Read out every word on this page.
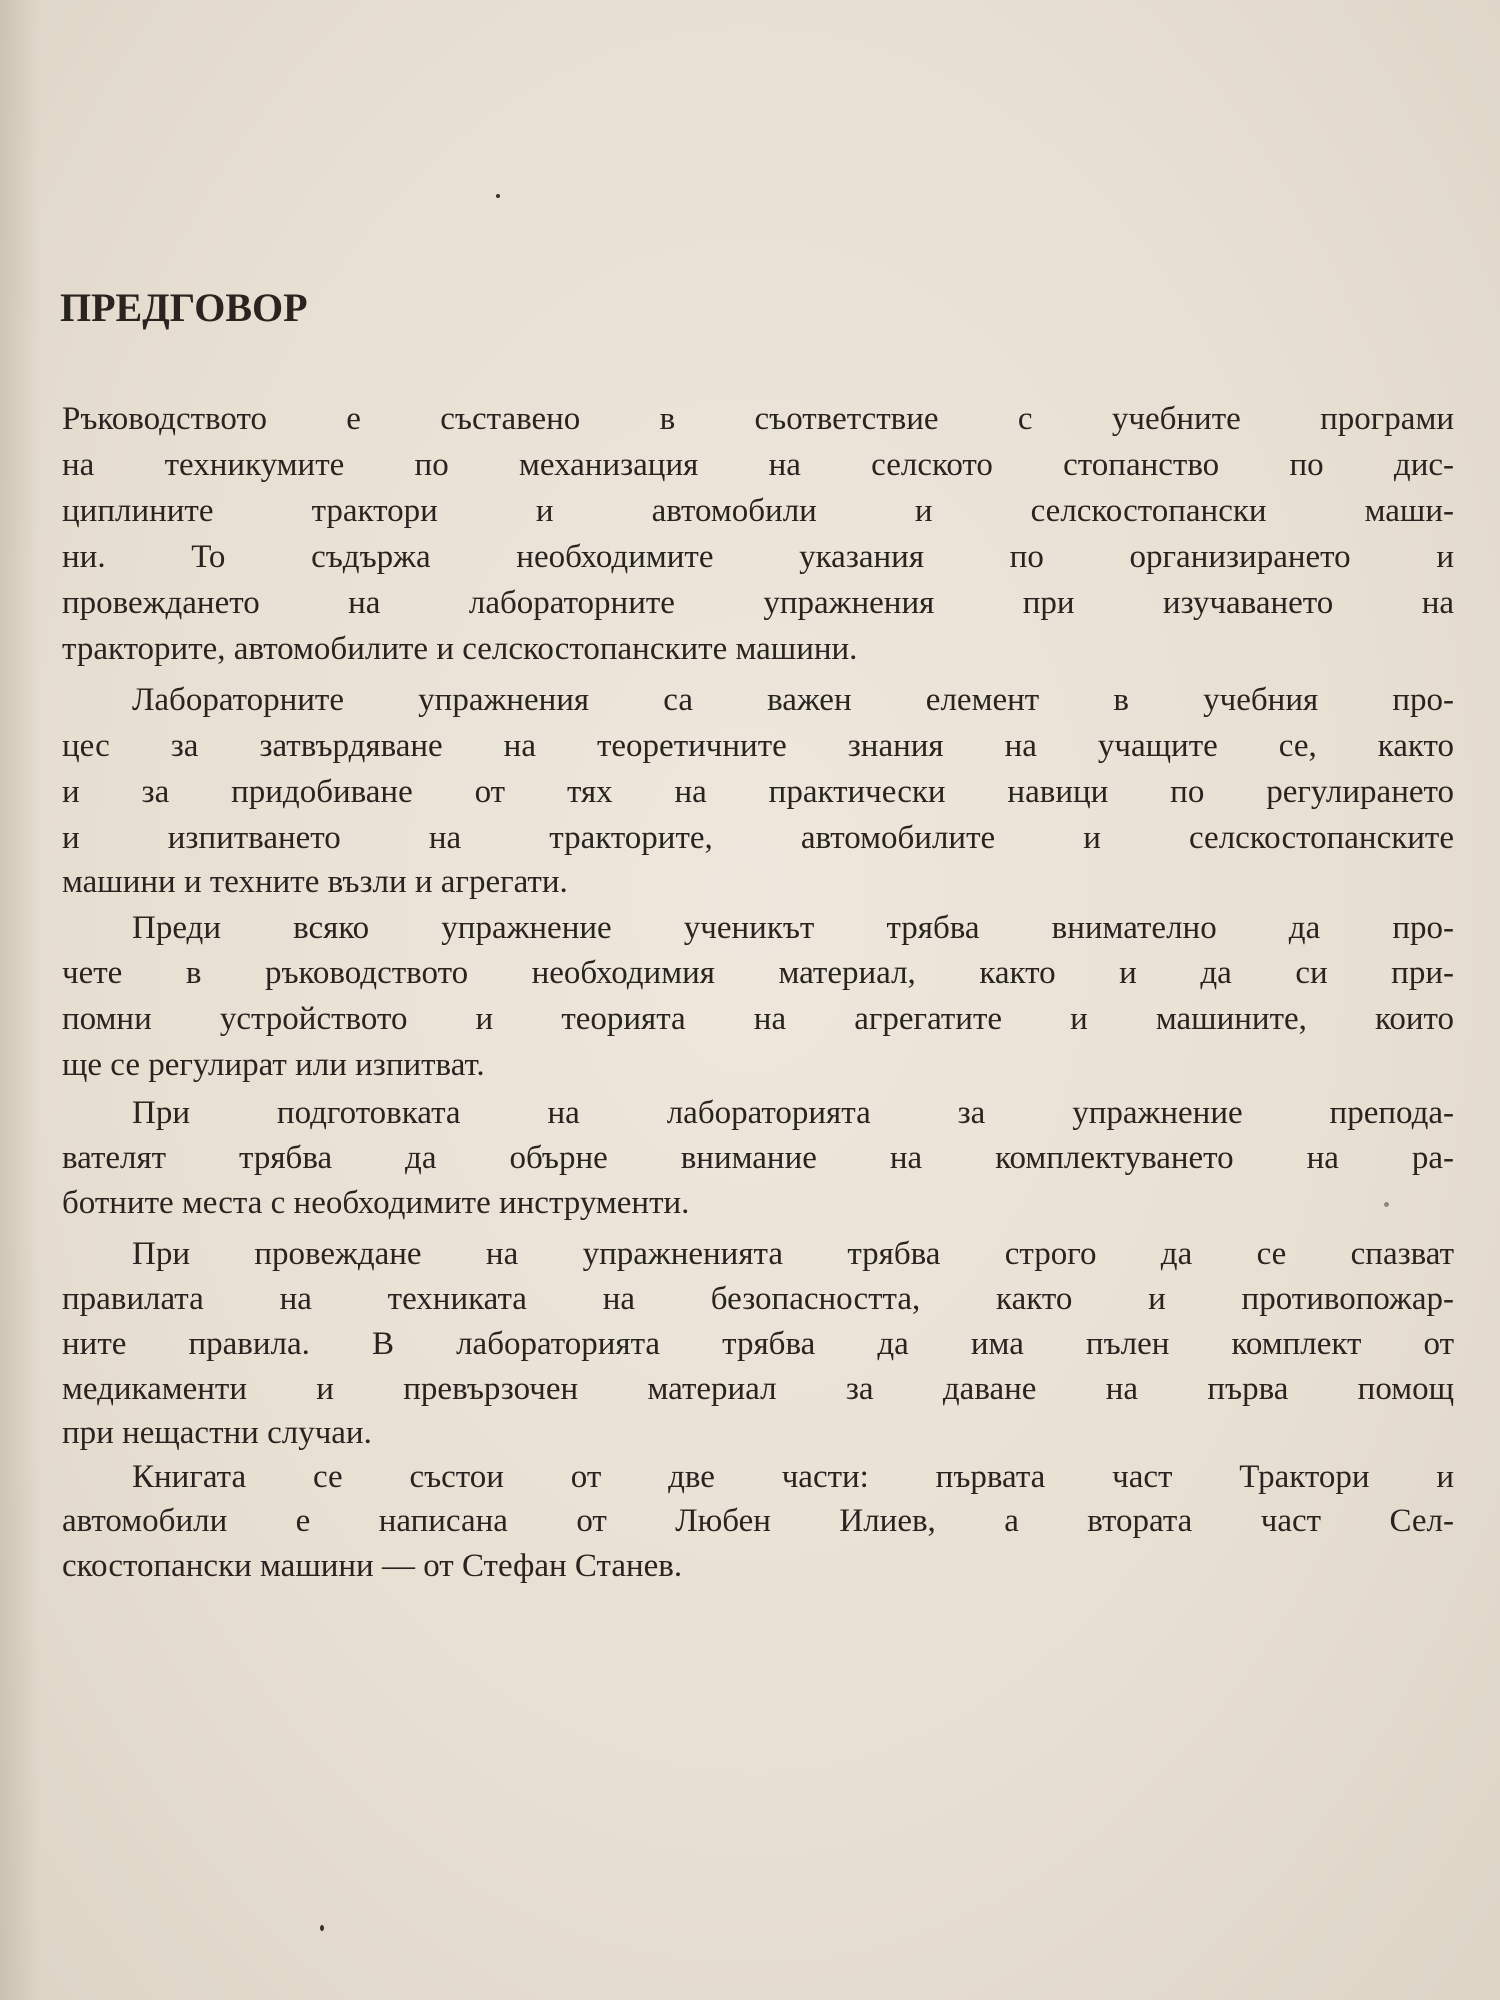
ПРЕДГОВОР

Ръководството е съставено в съответствие с учебните програми

на техникумите по механизация на селското стопанство по дис-

циплините трактори и автомобили и селскостопански маши-

ни. То съдържа необходимите указания по организирането и

провеждането на лабораторните упражнения при изучаването на

тракторите, автомобилите и селскостопанските машини.

Лабораторните упражнения са важен елемент в учебния про-

цес за затвърдяване на теоретичните знания на учащите се, както

и за придобиване от тях на практически навици по регулирането

и изпитването на тракторите, автомобилите и селскостопанските

машини и техните възли и агрегати.

Преди всяко упражнение ученикът трябва внимателно да про-

чете в ръководството необходимия материал, както и да си при-

помни устройството и теорията на агрегатите и машините, които

ще се регулират или изпитват.

При подготовката на лабораторията за упражнение препода-

вателят трябва да обърне внимание на комплектуването на ра-

ботните места с необходимите инструменти.

При провеждане на упражненията трябва строго да се спазват

правилата на техниката на безопасността, както и противопожар-

ните правила. В лабораторията трябва да има пълен комплект от

медикаменти и превързочен материал за даване на първа помощ

при нещастни случаи.

Книгата се състои от две части: първата част Трактори и

автомобили е написана от Любен Илиев, а втората част Сел-

скостопански машини — от Стефан Станев.
